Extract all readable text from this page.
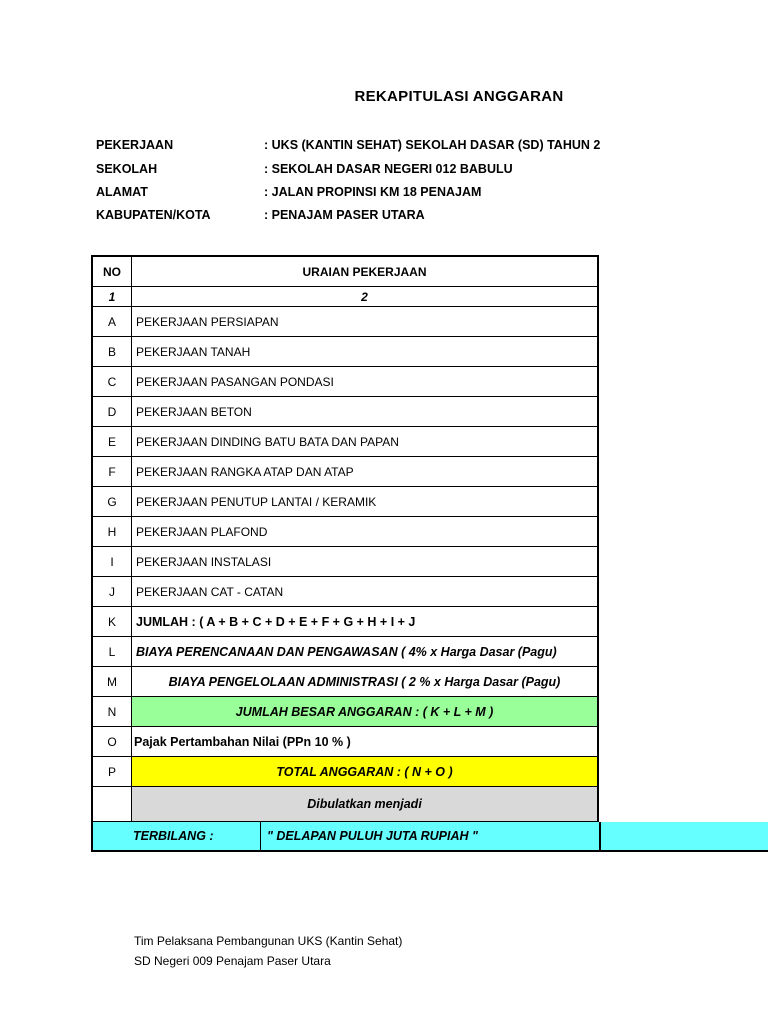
REKAPITULASI ANGGARAN
PEKERJAAN	: UKS (KANTIN SEHAT) SEKOLAH DASAR (SD) TAHUN 2
SEKOLAH	: SEKOLAH DASAR NEGERI 012 BABULU
ALAMAT	: JALAN PROPINSI KM 18 PENAJAM
KABUPATEN/KOTA	: PENAJAM PASER UTARA
NO	URAIAN PEKERJAAN
1	2
A	PEKERJAAN PERSIAPAN
B	PEKERJAAN TANAH
C	PEKERJAAN PASANGAN PONDASI
D	PEKERJAAN BETON
E	PEKERJAAN DINDING BATU BATA DAN PAPAN
F	PEKERJAAN RANGKA ATAP DAN ATAP
G	PEKERJAAN PENUTUP LANTAI / KERAMIK
H	PEKERJAAN PLAFOND
I	PEKERJAAN INSTALASI
J	PEKERJAAN CAT - CATAN
K	JUMLAH : ( A + B + C + D + E + F + G + H + I + J
L	BIAYA PERENCANAAN DAN PENGAWASAN ( 4% x Harga Dasar (Pagu)
M	BIAYA PENGELOLAAN ADMINISTRASI ( 2 % x Harga Dasar (Pagu)
N	JUMLAH BESAR ANGGARAN : ( K + L + M )
O	Pajak Pertambahan Nilai (PPn 10 % )
P	TOTAL ANGGARAN : ( N + O )
Dibulatkan menjadi
TERBILANG :	" DELAPAN PULUH JUTA RUPIAH "
Tim Pelaksana Pembangunan UKS (Kantin Sehat)
SD Negeri 009 Penajam Paser Utara
